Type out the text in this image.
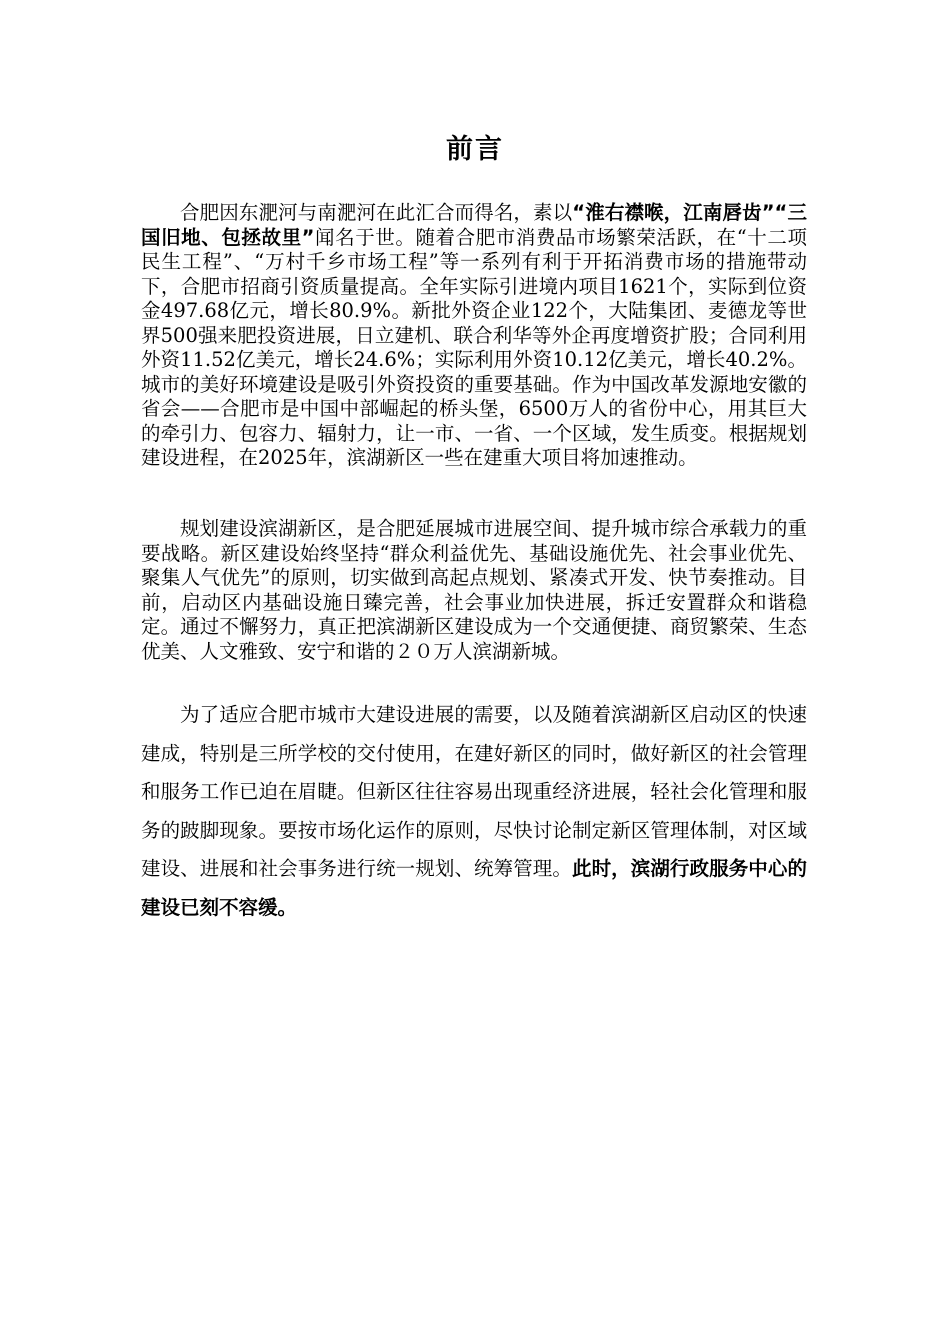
前言

合肥因东淝河与南淝河在此汇合而得名，素以“淮右襟喉，江南唇齿”“三国旧地、包拯故里”闻名于世。随着合肥市消费品市场繁荣活跃，在“十二项民生工程”、“万村千乡市场工程”等一系列有利于开拓消费市场的措施带动下，合肥市招商引资质量提高。全年实际引进境内项目1621个，实际到位资金497.68亿元，增长80.9%。新批外资企业122个，大陆集团、麦德龙等世界500强来肥投资进展，日立建机、联合利华等外企再度增资扩股；合同利用外资11.52亿美元，增长24.6%；实际利用外资10.12亿美元，增长40.2%。城市的美好环境建设是吸引外资投资的重要基础。作为中国改革发源地安徽的省会——合肥市是中国中部崛起的桥头堡，6500万人的省份中心，用其巨大的牵引力、包容力、辐射力，让一市、一省、一个区域，发生质变。根据规划建设进程，在2025年，滨湖新区一些在建重大项目将加速推动。

规划建设滨湖新区，是合肥延展城市进展空间、提升城市综合承载力的重要战略。新区建设始终坚持“群众利益优先、基础设施优先、社会事业优先、聚集人气优先”的原则，切实做到高起点规划、紧凑式开发、快节奏推动。目前，启动区内基础设施日臻完善，社会事业加快进展，拆迁安置群众和谐稳定。通过不懈努力，真正把滨湖新区建设成为一个交通便捷、商贸繁荣、生态优美、人文雅致、安宁和谐的２０万人滨湖新城。

为了适应合肥市城市大建设进展的需要，以及随着滨湖新区启动区的快速建成，特别是三所学校的交付使用，在建好新区的同时，做好新区的社会管理和服务工作已迫在眉睫。但新区往往容易出现重经济进展，轻社会化管理和服务的跛脚现象。要按市场化运作的原则，尽快讨论制定新区管理体制，对区域建设、进展和社会事务进行统一规划、统筹管理。此时，滨湖行政服务中心的建设已刻不容缓。
